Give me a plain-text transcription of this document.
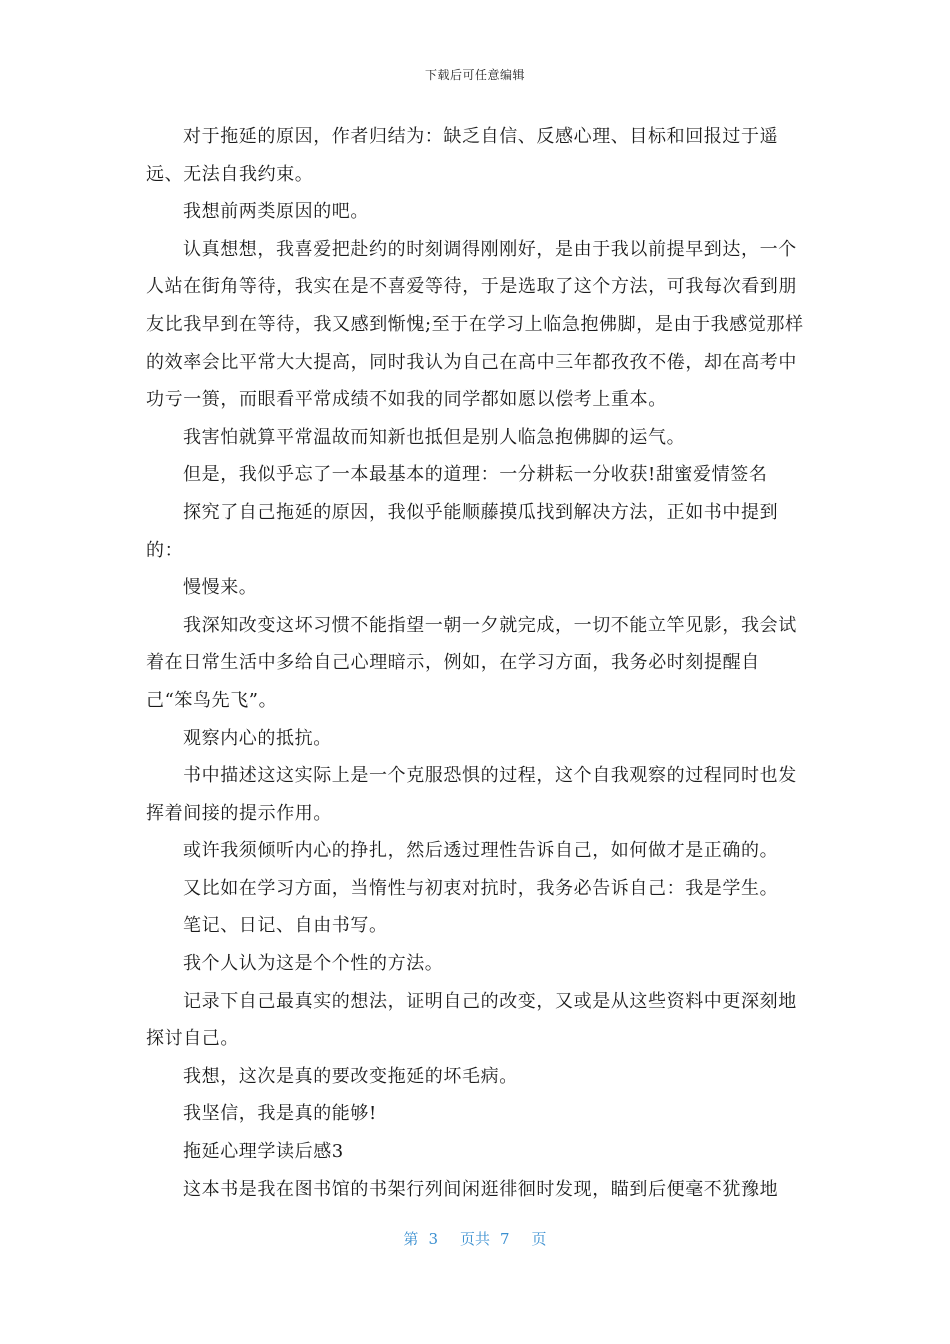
下载后可任意编辑

对于拖延的原因，作者归结为：缺乏自信、反感心理、目标和回报过于遥远、无法自我约束。

我想前两类原因的吧。

认真想想，我喜爱把赴约的时刻调得刚刚好，是由于我以前提早到达，一个人站在街角等待，我实在是不喜爱等待，于是选取了这个方法，可我每次看到朋友比我早到在等待，我又感到惭愧;至于在学习上临急抱佛脚，是由于我感觉那样的效率会比平常大大提高，同时我认为自己在高中三年都孜孜不倦，却在高考中功亏一篑，而眼看平常成绩不如我的同学都如愿以偿考上重本。

我害怕就算平常温故而知新也抵但是别人临急抱佛脚的运气。

但是，我似乎忘了一本最基本的道理：一分耕耘一分收获!甜蜜爱情签名

探究了自己拖延的原因，我似乎能顺藤摸瓜找到解决方法，正如书中提到的：

慢慢来。

我深知改变这坏习惯不能指望一朝一夕就完成，一切不能立竿见影，我会试着在日常生活中多给自己心理暗示，例如，在学习方面，我务必时刻提醒自己“笨鸟先飞”。

观察内心的抵抗。

书中描述这这实际上是一个克服恐惧的过程，这个自我观察的过程同时也发挥着间接的提示作用。

或许我须倾听内心的挣扎，然后透过理性告诉自己，如何做才是正确的。

又比如在学习方面，当惰性与初衷对抗时，我务必告诉自己：我是学生。

笔记、日记、自由书写。

我个人认为这是个个性的方法。

记录下自己最真实的想法，证明自己的改变，又或是从这些资料中更深刻地探讨自己。

我想，这次是真的要改变拖延的坏毛病。

我坚信，我是真的能够!

拖延心理学读后感3

这本书是我在图书馆的书架行列间闲逛徘徊时发现，瞄到后便毫不犹豫地

第 3 页共 7 页
